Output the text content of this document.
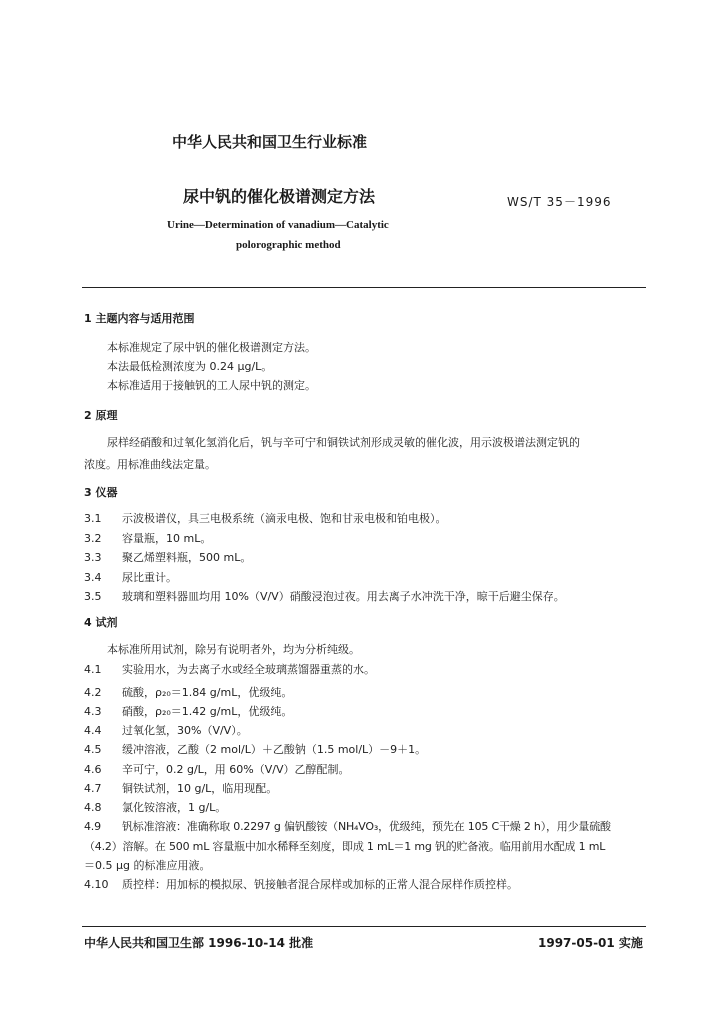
中华人民共和国卫生行业标准
尿中钒的催化极谱测定方法	WS/T 35－1996
Urine—Determination of vanadium—Catalytic
polorographic method
1 主题内容与适用范围
本标准规定了尿中钒的催化极谱测定方法。
本法最低检测浓度为 0.24 μg/L。
本标准适用于接触钒的工人尿中钒的测定。
2 原理
尿样经硝酸和过氧化氢消化后，钒与辛可宁和铜铁试剂形成灵敏的催化波，用示波极谱法测定钒的
浓度。用标准曲线法定量。
3 仪器
3.1 示波极谱仪，具三电极系统（滴汞电极、饱和甘汞电极和铂电极）。
3.2 容量瓶，10 mL。
3.3 聚乙烯塑料瓶，500 mL。
3.4 尿比重计。
3.5 玻璃和塑料器皿均用 10%（V/V）硝酸浸泡过夜。用去离子水冲洗干净，晾干后避尘保存。
4 试剂
本标准所用试剂，除另有说明者外，均为分析纯级。
4.1 实验用水，为去离子水或经全玻璃蒸馏器重蒸的水。
4.2 硫酸，ρ₂₀＝1.84 g/mL，优级纯。
4.3 硝酸，ρ₂₀＝1.42 g/mL，优级纯。
4.4 过氧化氢，30%（V/V）。
4.5 缓冲溶液，乙酸（2 mol/L）＋乙酸钠（1.5 mol/L）－9＋1。
4.6 辛可宁，0.2 g/L，用 60%（V/V）乙醇配制。
4.7 铜铁试剂，10 g/L，临用现配。
4.8 氯化铵溶液，1 g/L。
4.9 钒标准溶液：准确称取 0.2297 g 偏钒酸铵（NH₄VO₃，优级纯，预先在 105 C干燥 2 h），用少量硫酸
（4.2）溶解。在 500 mL 容量瓶中加水稀释至刻度，即成 1 mL＝1 mg 钒的贮备液。临用前用水配成 1 mL
＝0.5 μg 的标准应用液。
4.10 质控样：用加标的模拟尿、钒接触者混合尿样或加标的正常人混合尿样作质控样。
中华人民共和国卫生部 1996-10-14 批准	1997-05-01 实施
